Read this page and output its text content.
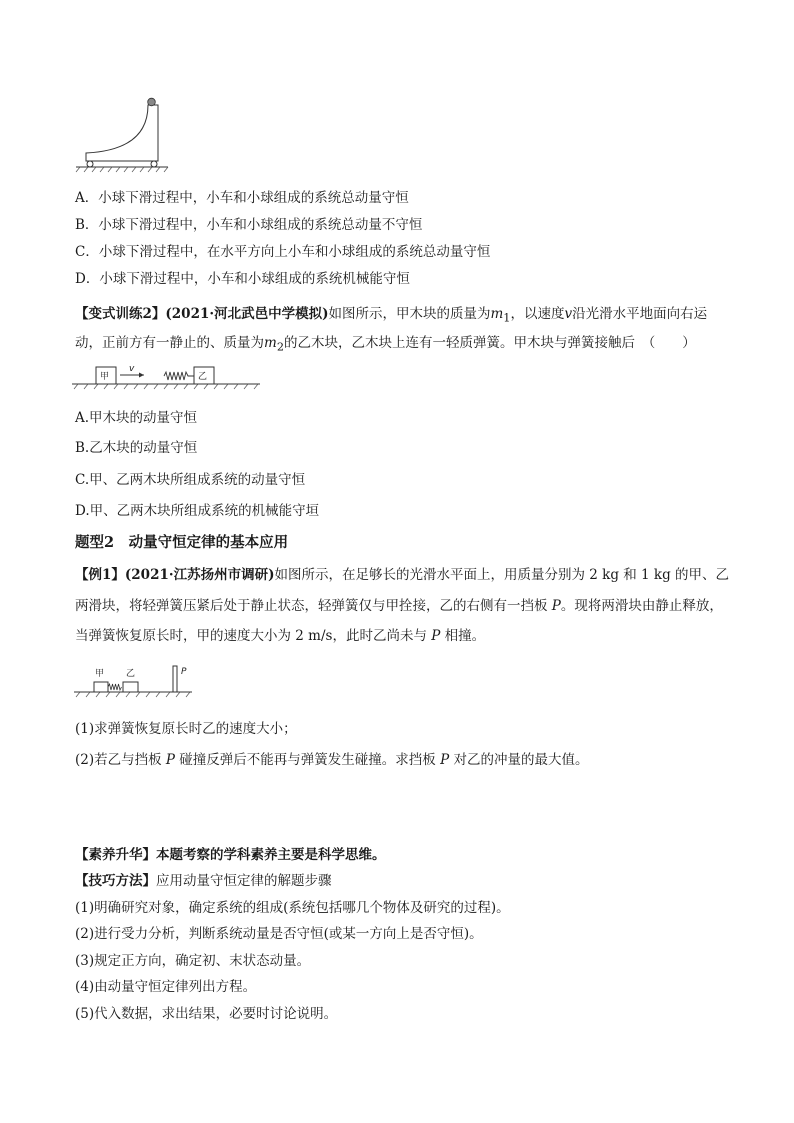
A．小球下滑过程中，小车和小球组成的系统总动量守恒
B．小球下滑过程中，小车和小球组成的系统总动量不守恒
C．小球下滑过程中，在水平方向上小车和小球组成的系统总动量守恒
D．小球下滑过程中，小车和小球组成的系统机械能守恒
【变式训练2】(2021·河北武邑中学模拟)如图所示，甲木块的质量为$m_1$，以速度v沿光滑水平地面向右运
动，正前方有一静止的、质量为$m_2$的乙木块，乙木块上连有一轻质弹簧。甲木块与弹簧接触后　（　　）
甲
v
乙
A.甲木块的动量守恒
B.乙木块的动量守恒
C.甲、乙两木块所组成系统的动量守恒
D.甲、乙两木块所组成系统的机械能守垣
题型2　动量守恒定律的基本应用
【例1】(2021·江苏扬州市调研)如图所示，在足够长的光滑水平面上，用质量分别为 2 kg 和 1 kg 的甲、乙
两滑块，将轻弹簧压紧后处于静止状态，轻弹簧仅与甲拴接，乙的右侧有一挡板 P。现将两滑块由静止释放，
当弹簧恢复原长时，甲的速度大小为 2 m/s，此时乙尚未与 P 相撞。
甲 乙	P
(1)求弹簧恢复原长时乙的速度大小；
(2)若乙与挡板 P 碰撞反弹后不能再与弹簧发生碰撞。求挡板 P 对乙的冲量的最大值。
【素养升华】本题考察的学科素养主要是科学思维。
【技巧方法】应用动量守恒定律的解题步骤
(1)明确研究对象，确定系统的组成(系统包括哪几个物体及研究的过程)。
(2)进行受力分析，判断系统动量是否守恒(或某一方向上是否守恒)。
(3)规定正方向，确定初、末状态动量。
(4)由动量守恒定律列出方程。
(5)代入数据，求出结果，必要时讨论说明。
